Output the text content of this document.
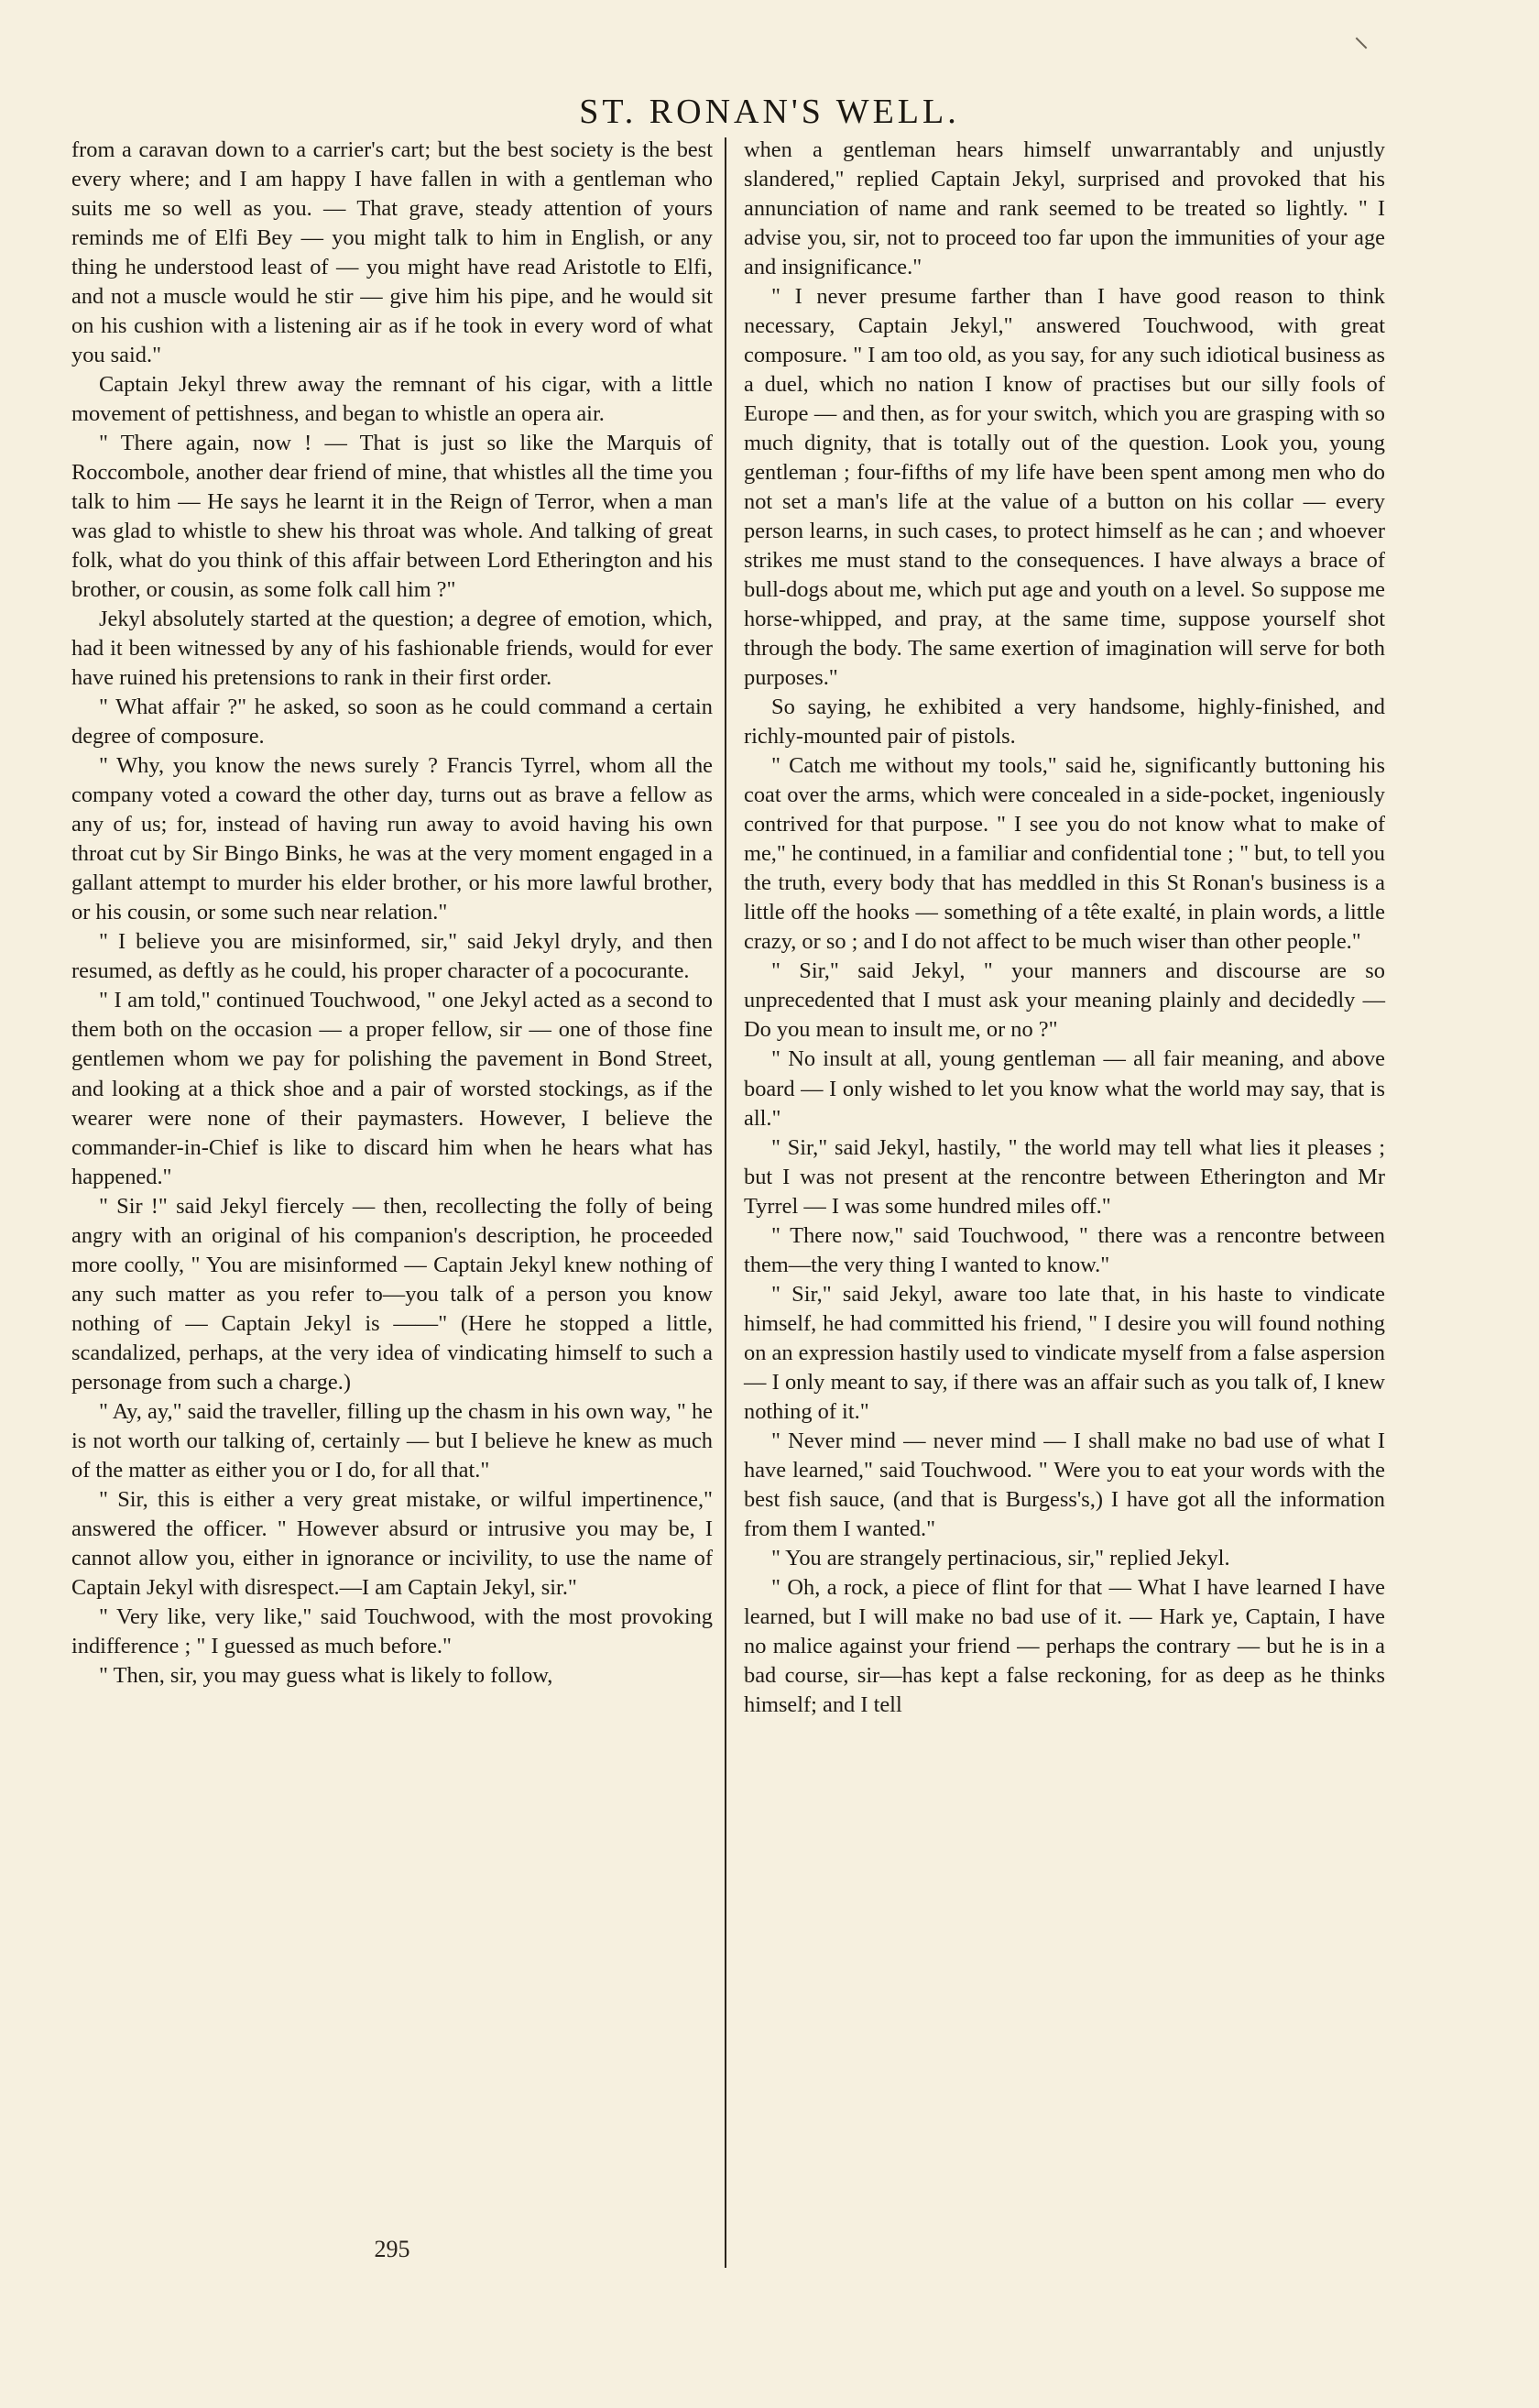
ST. RONAN'S WELL.

from a caravan down to a carrier's cart; but the best society is the best every where; and I am happy I have fallen in with a gentleman who suits me so well as you. — That grave, steady attention of yours reminds me of Elfi Bey — you might talk to him in English, or any thing he understood least of — you might have read Aristotle to Elfi, and not a muscle would he stir — give him his pipe, and he would sit on his cushion with a listening air as if he took in every word of what you said."

Captain Jekyl threw away the remnant of his cigar, with a little movement of pettishness, and began to whistle an opera air.

" There again, now ! — That is just so like the Marquis of Roccombole, another dear friend of mine, that whistles all the time you talk to him — He says he learnt it in the Reign of Terror, when a man was glad to whistle to shew his throat was whole. And talking of great folk, what do you think of this affair between Lord Etherington and his brother, or cousin, as some folk call him ?"

Jekyl absolutely started at the question; a degree of emotion, which, had it been witnessed by any of his fashionable friends, would for ever have ruined his pretensions to rank in their first order.

" What affair ?" he asked, so soon as he could command a certain degree of composure.

" Why, you know the news surely ? Francis Tyrrel, whom all the company voted a coward the other day, turns out as brave a fellow as any of us; for, instead of having run away to avoid having his own throat cut by Sir Bingo Binks, he was at the very moment engaged in a gallant attempt to murder his elder brother, or his more lawful brother, or his cousin, or some such near relation."

" I believe you are misinformed, sir," said Jekyl dryly, and then resumed, as deftly as he could, his proper character of a pococurante.

" I am told," continued Touchwood, " one Jekyl acted as a second to them both on the occasion — a proper fellow, sir — one of those fine gentlemen whom we pay for polishing the pavement in Bond Street, and looking at a thick shoe and a pair of worsted stockings, as if the wearer were none of their paymasters. However, I believe the commander-in-Chief is like to discard him when he hears what has happened."

" Sir !" said Jekyl fiercely — then, recollecting the folly of being angry with an original of his companion's description, he proceeded more coolly, " You are misinformed — Captain Jekyl knew nothing of any such matter as you refer to—you talk of a person you know nothing of — Captain Jekyl is ——" (Here he stopped a little, scandalized, perhaps, at the very idea of vindicating himself to such a personage from such a charge.)

" Ay, ay," said the traveller, filling up the chasm in his own way, " he is not worth our talking of, certainly — but I believe he knew as much of the matter as either you or I do, for all that."

" Sir, this is either a very great mistake, or wilful impertinence," answered the officer. " However absurd or intrusive you may be, I cannot allow you, either in ignorance or incivility, to use the name of Captain Jekyl with disrespect.—I am Captain Jekyl, sir."

" Very like, very like," said Touchwood, with the most provoking indifference ; " I guessed as much before."

" Then, sir, you may guess what is likely to follow,

when a gentleman hears himself unwarrantably and unjustly slandered," replied Captain Jekyl, surprised and provoked that his annunciation of name and rank seemed to be treated so lightly. " I advise you, sir, not to proceed too far upon the immunities of your age and insignificance."

" I never presume farther than I have good reason to think necessary, Captain Jekyl," answered Touchwood, with great composure. " I am too old, as you say, for any such idiotical business as a duel, which no nation I know of practises but our silly fools of Europe — and then, as for your switch, which you are grasping with so much dignity, that is totally out of the question. Look you, young gentleman ; four-fifths of my life have been spent among men who do not set a man's life at the value of a button on his collar — every person learns, in such cases, to protect himself as he can ; and whoever strikes me must stand to the consequences. I have always a brace of bull-dogs about me, which put age and youth on a level. So suppose me horse-whipped, and pray, at the same time, suppose yourself shot through the body. The same exertion of imagination will serve for both purposes."

So saying, he exhibited a very handsome, highly-finished, and richly-mounted pair of pistols.

" Catch me without my tools," said he, significantly buttoning his coat over the arms, which were concealed in a side-pocket, ingeniously contrived for that purpose. " I see you do not know what to make of me," he continued, in a familiar and confidential tone ; " but, to tell you the truth, every body that has meddled in this St Ronan's business is a little off the hooks — something of a tête exalté, in plain words, a little crazy, or so ; and I do not affect to be much wiser than other people."

" Sir," said Jekyl, " your manners and discourse are so unprecedented that I must ask your meaning plainly and decidedly — Do you mean to insult me, or no ?"

" No insult at all, young gentleman — all fair meaning, and above board — I only wished to let you know what the world may say, that is all."

" Sir," said Jekyl, hastily, " the world may tell what lies it pleases ; but I was not present at the rencontre between Etherington and Mr Tyrrel — I was some hundred miles off."

" There now," said Touchwood, " there was a rencontre between them—the very thing I wanted to know."

" Sir," said Jekyl, aware too late that, in his haste to vindicate himself, he had committed his friend, " I desire you will found nothing on an expression hastily used to vindicate myself from a false aspersion — I only meant to say, if there was an affair such as you talk of, I knew nothing of it."

" Never mind — never mind — I shall make no bad use of what I have learned," said Touchwood. " Were you to eat your words with the best fish sauce, (and that is Burgess's,) I have got all the information from them I wanted."

" You are strangely pertinacious, sir," replied Jekyl.

" Oh, a rock, a piece of flint for that — What I have learned I have learned, but I will make no bad use of it. — Hark ye, Captain, I have no malice against your friend — perhaps the contrary — but he is in a bad course, sir—has kept a false reckoning, for as deep as he thinks himself; and I tell

295
